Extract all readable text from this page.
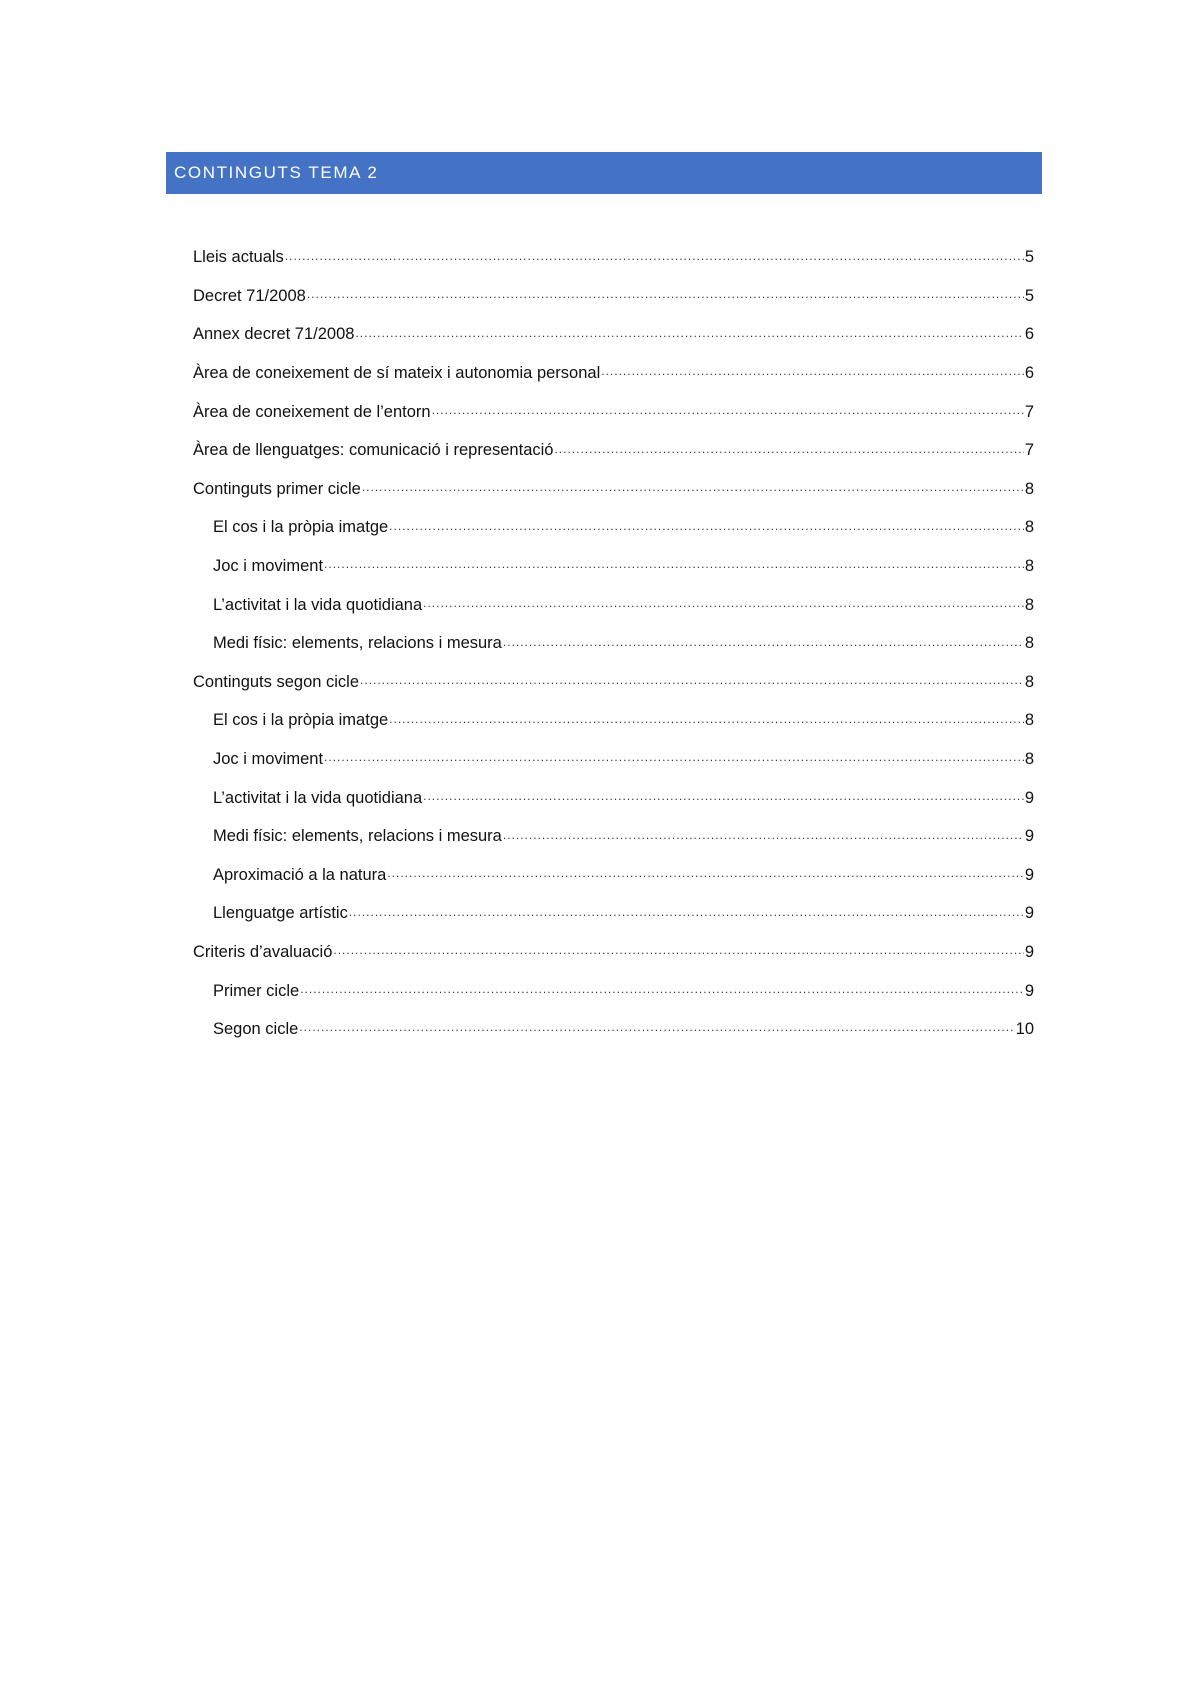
CONTINGUTS TEMA 2
Lleis actuals .....	5
Decret 71/2008 .....	5
Annex decret 71/2008 .....	6
Àrea de coneixement de sí mateix i autonomia personal .....	6
Àrea de coneixement de l’entorn .....	7
Àrea de llenguatges: comunicació i representació .....	7
Continguts primer cicle .....	8
El cos i la pròpia imatge .....	8
Joc i moviment .....	8
L’activitat i la vida quotidiana .....	8
Medi físic: elements, relacions i mesura .....	8
Continguts segon cicle .....	8
El cos i la pròpia imatge .....	8
Joc i moviment .....	8
L’activitat i la vida quotidiana .....	9
Medi físic: elements, relacions i mesura .....	9
Aproximació a la natura .....	9
Llenguatge artístic .....	9
Criteris d’avaluació .....	9
Primer cicle .....	9
Segon cicle .....	10
